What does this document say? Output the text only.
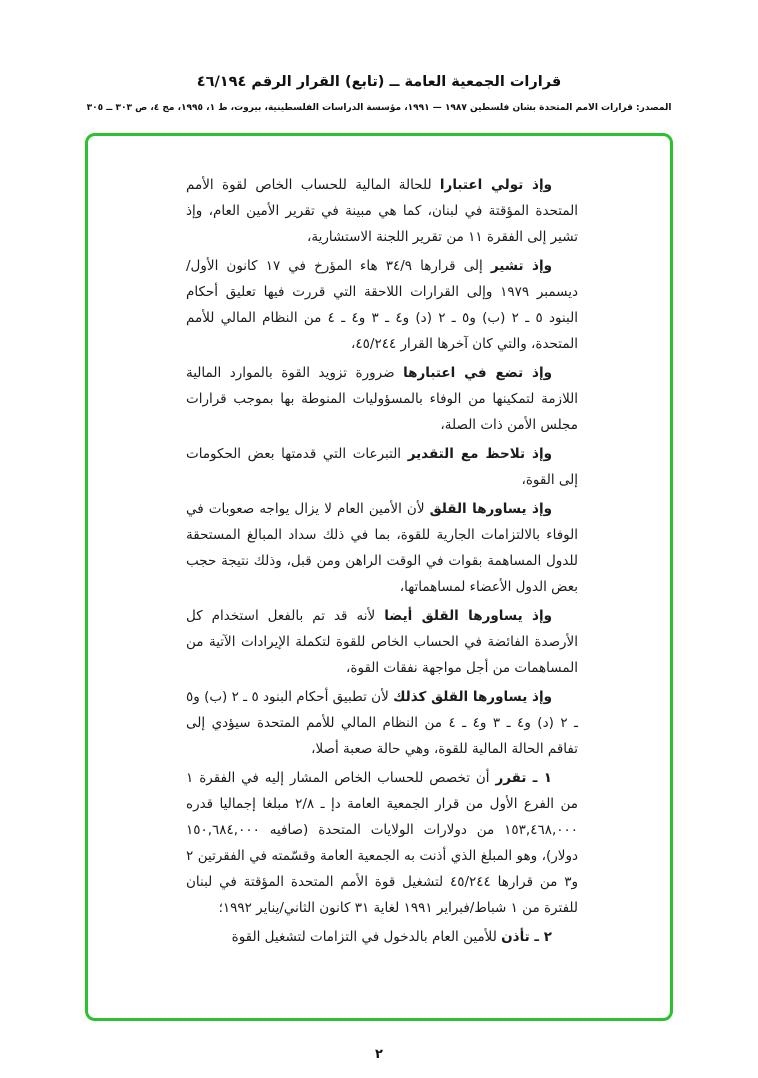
قرارات الجمعية العامة ــ (تابع) القرار الرقم ٤٦/١٩٤

المصدر: قرارات الأمم المتحدة بشأن فلسطين ١٩٨٧ — ١٩٩١، مؤسسة الدراسات الفلسطينية، بيروت، ط ١، ١٩٩٥، مج ٤، ص ٣٠٣ ــ ٣٠٥

وإذ تولي اعتبارا للحالة المالية للحساب الخاص لقوة الأمم المتحدة المؤقتة في لبنان، كما هي مبينة في تقرير الأمين العام، وإذ تشير إلى الفقرة ١١ من تقرير اللجنة الاستشارية،

وإذ تشير إلى قرارها ٣٤/٩ هاء المؤرخ في ١٧ كانون الأول/ ديسمبر ١٩٧٩ وإلى القرارات اللاحقة التي قررت فيها تعليق أحكام البنود ٥ ـ ٢ (ب) و٥ ـ ٢ (د) و٤ ـ ٣ و٤ ـ ٤ من النظام المالي للأمم المتحدة، والتي كان آخرها القرار ٤٥/٢٤٤،

وإذ تضع في اعتبارها ضرورة تزويد القوة بالموارد المالية اللازمة لتمكينها من الوفاء بالمسؤوليات المنوطة بها بموجب قرارات مجلس الأمن ذات الصلة،

وإذ تلاحظ مع التقدير التبرعات التي قدمتها بعض الحكومات إلى القوة،

وإذ يساورها القلق لأن الأمين العام لا يزال يواجه صعوبات في الوفاء بالالتزامات الجارية للقوة، بما في ذلك سداد المبالغ المستحقة للدول المساهمة بقوات في الوقت الراهن ومن قبل، وذلك نتيجة حجب بعض الدول الأعضاء لمساهماتها،

وإذ يساورها القلق أيضا لأنه قد تم بالفعل استخدام كل الأرصدة الفائضة في الحساب الخاص للقوة لتكملة الإيرادات الآتية من المساهمات من أجل مواجهة نفقات القوة،

وإذ يساورها القلق كذلك لأن تطبيق أحكام البنود ٥ ـ ٢ (ب) و٥ ـ ٢ (د) و٤ ـ ٣ و٤ ـ ٤ من النظام المالي للأمم المتحدة سيؤدي إلى تفاقم الحالة المالية للقوة، وهي حالة صعبة أصلا،

١ ـ تقرر أن تخصص للحساب الخاص المشار إليه في الفقرة ١ من الفرع الأول من قرار الجمعية العامة دإ ـ ٢/٨ مبلغا إجماليا قدره ١٥٣,٤٦٨,٠٠٠ من دولارات الولايات المتحدة (صافيه ١٥٠,٦٨٤,٠٠٠ دولار)، وهو المبلغ الذي أذنت به الجمعية العامة وقسّمته في الفقرتين ٢ و٣ من قرارها ٤٥/٢٤٤ لتشغيل قوة الأمم المتحدة المؤقتة في لبنان للفترة من ١ شباط/فبراير ١٩٩١ لغاية ٣١ كانون الثاني/يناير ١٩٩٢؛

٢ ـ تأذن للأمين العام بالدخول في التزامات لتشغيل القوة

٢
